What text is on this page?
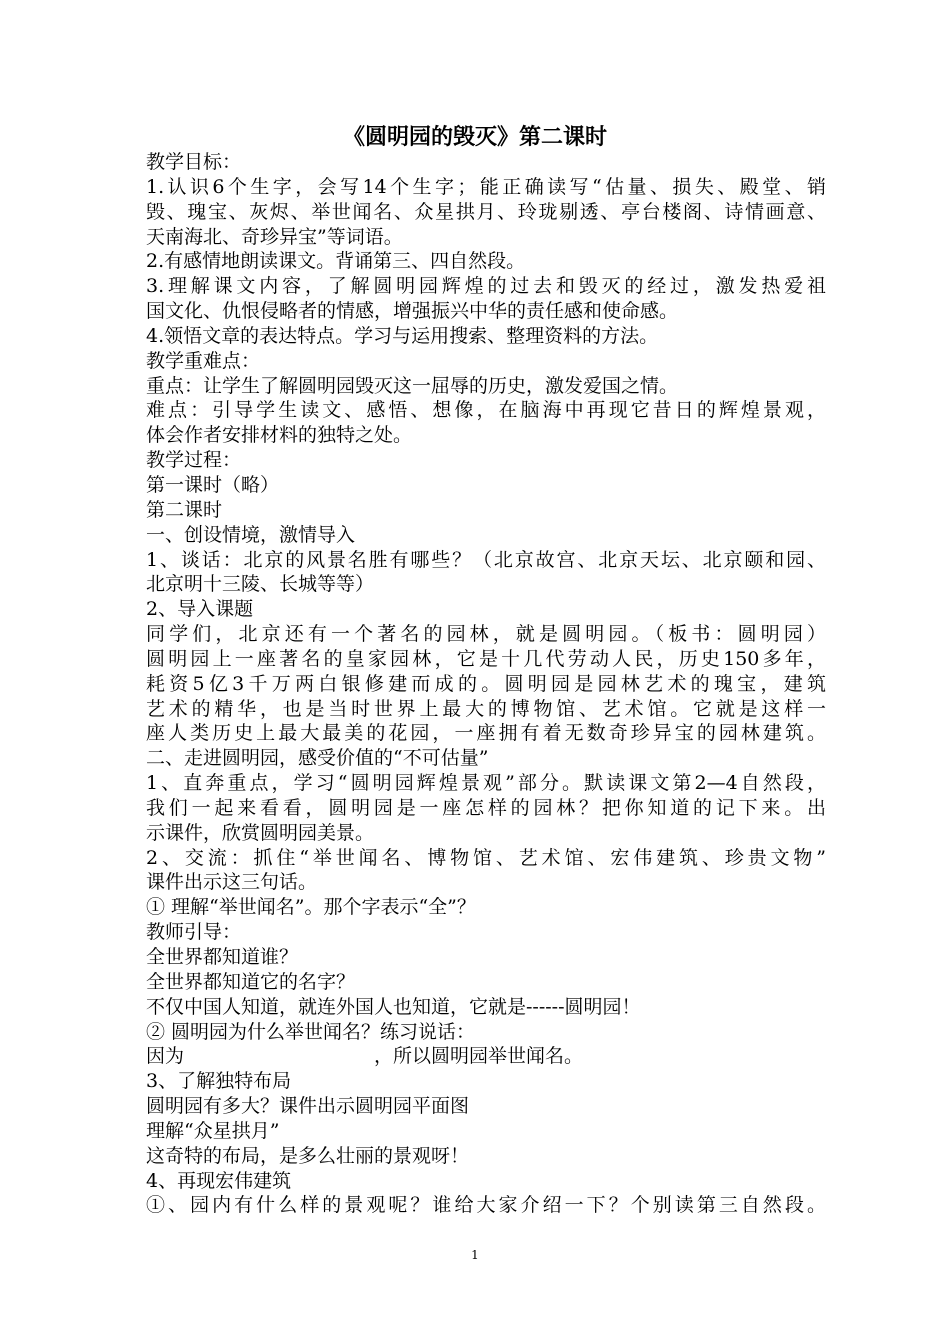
《圆明园的毁灭》第二课时
教学目标：
1.认识6个生字，会写14个生字；能正确读写“估量、损失、殿堂、销
毁、瑰宝、灰烬、举世闻名、众星拱月、玲珑剔透、亭台楼阁、诗情画意、
天南海北、奇珍异宝”等词语。
2.有感情地朗读课文。背诵第三、四自然段。
3.理解课文内容，了解圆明园辉煌的过去和毁灭的经过，激发热爱祖
国文化、仇恨侵略者的情感，增强振兴中华的责任感和使命感。
4.领悟文章的表达特点。学习与运用搜索、整理资料的方法。
教学重难点：
重点：让学生了解圆明园毁灭这一屈辱的历史，激发爱国之情。
难点：引导学生读文、感悟、想像，在脑海中再现它昔日的辉煌景观，
体会作者安排材料的独特之处。
教学过程：
第一课时（略）
第二课时
一、创设情境，激情导入
1、谈话：北京的风景名胜有哪些？（北京故宫、北京天坛、北京颐和园、
北京明十三陵、长城等等）
2、导入课题
同学们，北京还有一个著名的园林，就是圆明园。（板书：圆明园）
圆明园上一座著名的皇家园林，它是十几代劳动人民，历史150多年，
耗资5亿3千万两白银修建而成的。圆明园是园林艺术的瑰宝，建筑
艺术的精华，也是当时世界上最大的博物馆、艺术馆。它就是这样一
座人类历史上最大最美的花园，一座拥有着无数奇珍异宝的园林建筑。
二、走进圆明园，感受价值的“不可估量”
1、直奔重点，学习“圆明园辉煌景观”部分。默读课文第2—4自然段，
我们一起来看看，圆明园是一座怎样的园林？把你知道的记下来。出
示课件，欣赏圆明园美景。
2、交流：抓住“举世闻名、博物馆、艺术馆、宏伟建筑、珍贵文物”
课件出示这三句话。
① 理解“举世闻名”。那个字表示“全”？
教师引导：
全世界都知道谁？
全世界都知道它的名字？
不仅中国人知道，就连外国人也知道，它就是------圆明园！
② 圆明园为什么举世闻名？练习说话：
因为　　　　　　　　　　，所以圆明园举世闻名。
3、了解独特布局
圆明园有多大？课件出示圆明园平面图
理解“众星拱月”
这奇特的布局，是多么壮丽的景观呀！
4、再现宏伟建筑
①、园内有什么样的景观呢？谁给大家介绍一下？个别读第三自然段。
1
